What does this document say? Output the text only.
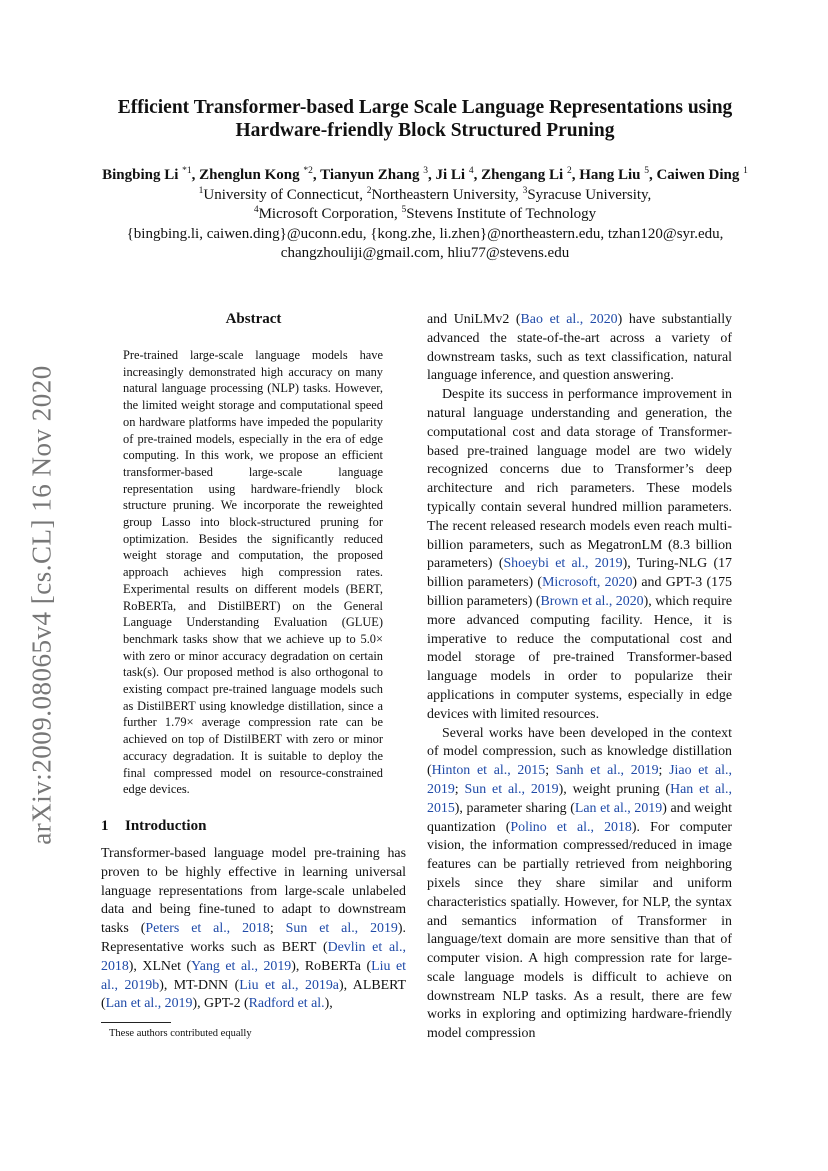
arXiv:2009.08065v4 [cs.CL] 16 Nov 2020
Efficient Transformer-based Large Scale Language Representations using
Hardware-friendly Block Structured Pruning
Bingbing Li $^{*1}$, Zhenglun Kong $^{*2}$, Tianyun Zhang $^3$, Ji Li $^4$, Zhengang Li $^2$, Hang Liu $^5$, Caiwen Ding $^1$
$^1$University of Connecticut, $^2$Northeastern University, $^3$Syracuse University,
$^4$Microsoft Corporation, $^5$Stevens Institute of Technology
{bingbing.li, caiwen.ding}@uconn.edu, {kong.zhe, li.zhen}@northeastern.edu, tzhan120@syr.edu,
changzhouliji@gmail.com, hliu77@stevens.edu
Abstract

Pre-trained large-scale language models have increasingly demonstrated high accuracy on many natural language processing (NLP) tasks. However, the limited weight storage and computational speed on hardware platforms have impeded the popularity of pre-trained models, especially in the era of edge computing. In this work, we propose an efficient transformer-based large-scale language representation using hardware-friendly block structure pruning. We incorporate the reweighted group Lasso into block-structured pruning for optimization. Besides the significantly reduced weight storage and computation, the proposed approach achieves high compression rates. Experimental results on different models (BERT, RoBERTa, and DistilBERT) on the General Language Understanding Evaluation (GLUE) benchmark tasks show that we achieve up to 5.0× with zero or minor accuracy degradation on certain task(s). Our proposed method is also orthogonal to existing compact pre-trained language models such as DistilBERT using knowledge distillation, since a further 1.79× average compression rate can be achieved on top of DistilBERT with zero or minor accuracy degradation. It is suitable to deploy the final compressed model on resource-constrained edge devices.

1 Introduction

Transformer-based language model pre-training has proven to be highly effective in learning universal language representations from large-scale unlabeled data and being fine-tuned to adapt to downstream tasks (Peters et al., 2018; Sun et al., 2019). Representative works such as BERT (Devlin et al., 2018), XLNet (Yang et al., 2019), RoBERTa (Liu et al., 2019b), MT-DNN (Liu et al., 2019a), ALBERT (Lan et al., 2019), GPT-2 (Radford et al.),

These authors contributed equally

and UniLMv2 (Bao et al., 2020) have substantially advanced the state-of-the-art across a variety of downstream tasks, such as text classification, natural language inference, and question answering.

Despite its success in performance improvement in natural language understanding and generation, the computational cost and data storage of Transformer-based pre-trained language model are two widely recognized concerns due to Transformer’s deep architecture and rich parameters. These models typically contain several hundred million parameters. The recent released research models even reach multi-billion parameters, such as MegatronLM (8.3 billion parameters) (Shoeybi et al., 2019), Turing-NLG (17 billion parameters) (Microsoft, 2020) and GPT-3 (175 billion parameters) (Brown et al., 2020), which require more advanced computing facility. Hence, it is imperative to reduce the computational cost and model storage of pre-trained Transformer-based language models in order to popularize their applications in computer systems, especially in edge devices with limited resources.

Several works have been developed in the context of model compression, such as knowledge distillation (Hinton et al., 2015; Sanh et al., 2019; Jiao et al., 2019; Sun et al., 2019), weight pruning (Han et al., 2015), parameter sharing (Lan et al., 2019) and weight quantization (Polino et al., 2018). For computer vision, the information compressed/reduced in image features can be partially retrieved from neighboring pixels since they share similar and uniform characteristics spatially. However, for NLP, the syntax and semantics information of Transformer in language/text domain are more sensitive than that of computer vision. A high compression rate for large-scale language models is difficult to achieve on downstream NLP tasks. As a result, there are few works in exploring and optimizing hardware-friendly model compression
